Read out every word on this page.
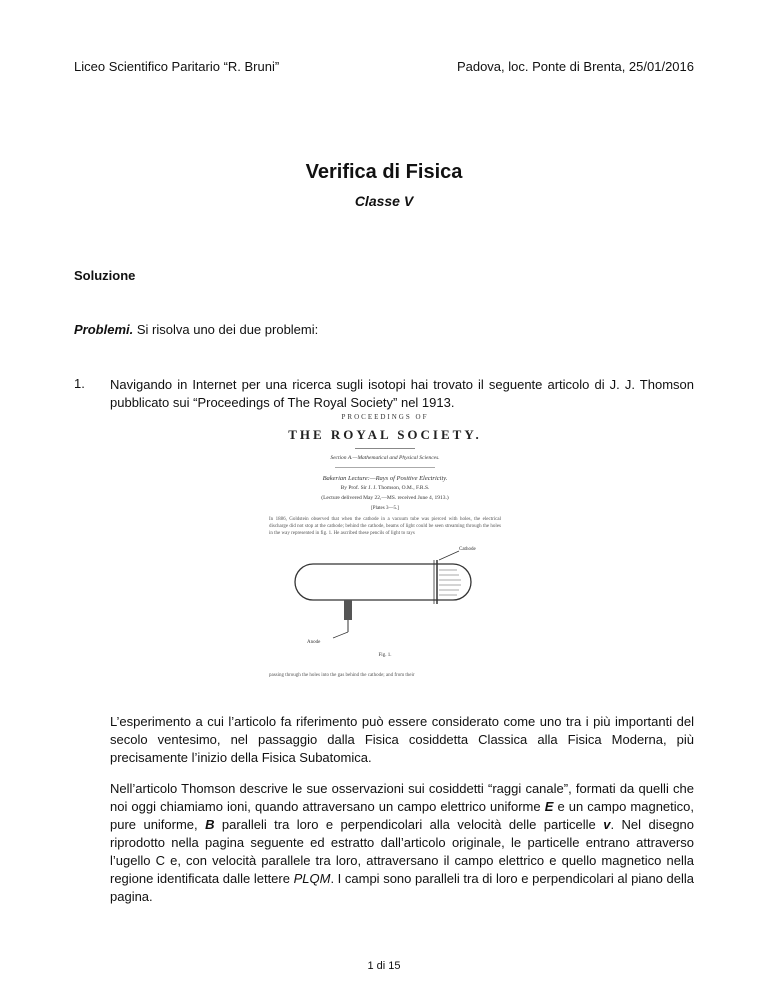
Liceo Scientifico Paritario “R. Bruni”	Padova, loc. Ponte di Brenta, 25/01/2016
Verifica di Fisica
Classe V
Soluzione
Problemi. Si risolva uno dei due problemi:
1. Navigando in Internet per una ricerca sugli isotopi hai trovato il seguente articolo di J. J. Thomson pubblicato sui “Proceedings of The Royal Society” nel 1913.
PROCEEDINGS OF
THE ROYAL SOCIETY.
Section A.—Mathematical and Physical Sciences.
Bakerian Lecture:—Rays of Positive Electricity.
By Prof. Sir J. J. Thomson, O.M., F.R.S.
(Lecture delivered May 22,—MS. received June 4, 1913.)
[Plates 3—5.]
In 1886, Goldstein observed that when the cathode in a vacuum tube was pierced with holes, the electrical discharge did not stop at the cathode; behind the cathode, beams of light could be seen streaming through the holes in the way represented in fig. 1. He ascribed these pencils of light to rays
Cathode
Anode
Fig. 1.
passing through the holes into the gas behind the cathode; and from their
L’esperimento a cui l’articolo fa riferimento può essere considerato come uno tra i più importanti del secolo ventesimo, nel passaggio dalla Fisica cosiddetta Classica alla Fisica Moderna, più precisamente l’inizio della Fisica Subatomica.
Nell’articolo Thomson descrive le sue osservazioni sui cosiddetti “raggi canale”, formati da quelli che noi oggi chiamiamo ioni, quando attraversano un campo elettrico uniforme E e un campo magnetico, pure uniforme, B paralleli tra loro e perpendicolari alla velocità delle particelle v. Nel disegno riprodotto nella pagina seguente ed estratto dall’articolo originale, le particelle entrano attraverso l’ugello C e, con velocità parallele tra loro, attraversano il campo elettrico e quello magnetico nella regione identificata dalle lettere PLQM. I campi sono paralleli tra di loro e perpendicolari al piano della pagina.
1 di 15
